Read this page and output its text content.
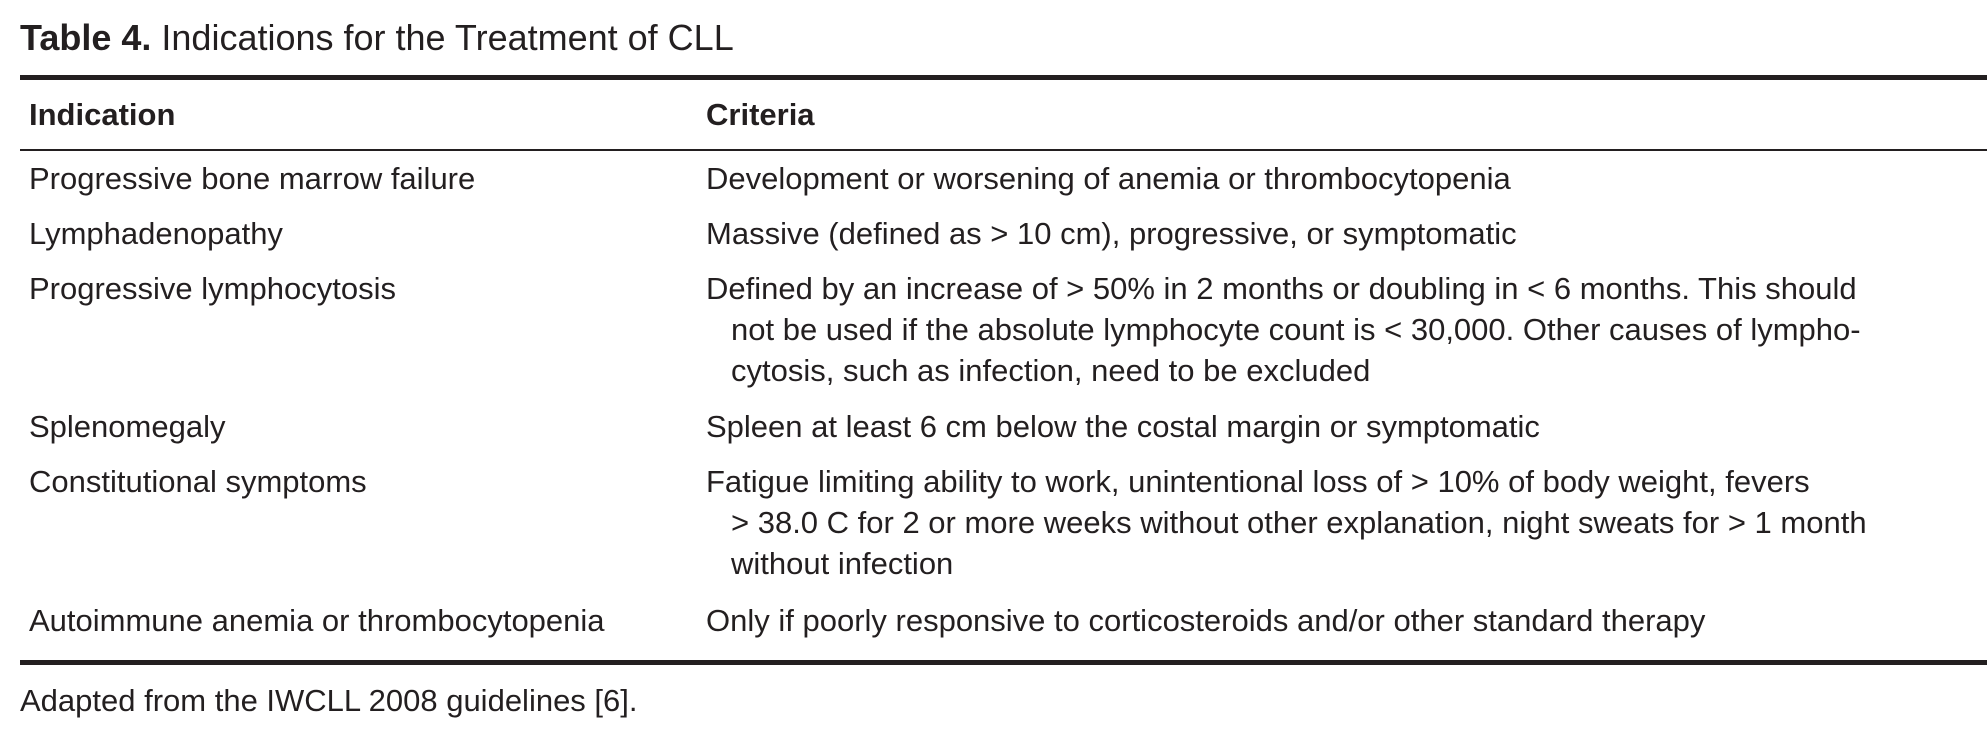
Table 4. Indications for the Treatment of CLL
Indication	Criteria
Progressive bone marrow failure	Development or worsening of anemia or thrombocytopenia
Lymphadenopathy	Massive (defined as > 10 cm), progressive, or symptomatic
Progressive lymphocytosis	Defined by an increase of > 50% in 2 months or doubling in < 6 months. This should
not be used if the absolute lymphocyte count is < 30,000. Other causes of lympho-
cytosis, such as infection, need to be excluded
Splenomegaly	Spleen at least 6 cm below the costal margin or symptomatic
Constitutional symptoms	Fatigue limiting ability to work, unintentional loss of > 10% of body weight, fevers
> 38.0 C for 2 or more weeks without other explanation, night sweats for > 1 month
without infection
Autoimmune anemia or thrombocytopenia	Only if poorly responsive to corticosteroids and/or other standard therapy
Adapted from the IWCLL 2008 guidelines [6].
